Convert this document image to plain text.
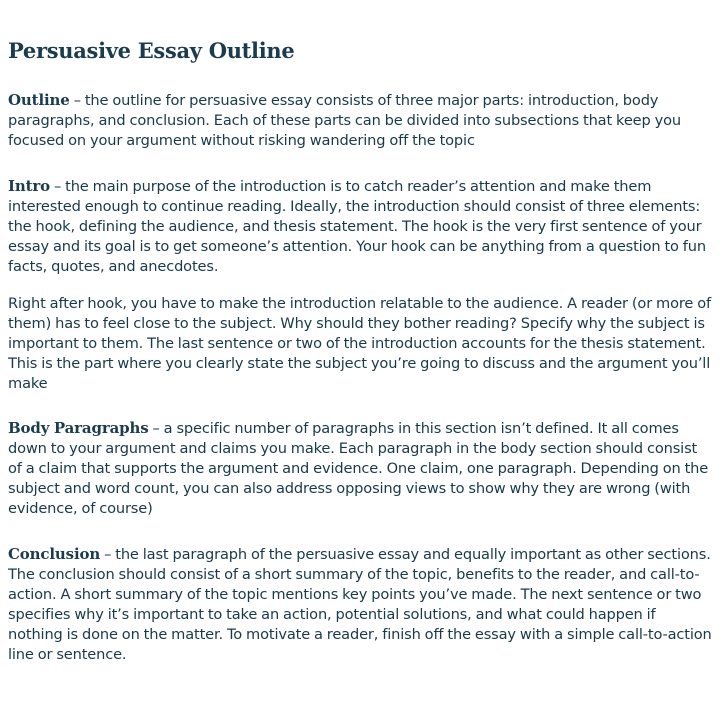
Persuasive Essay Outline

Outline – the outline for persuasive essay consists of three major parts: introduction, body paragraphs, and conclusion. Each of these parts can be divided into subsections that keep you focused on your argument without risking wandering off the topic

Intro – the main purpose of the introduction is to catch reader’s attention and make them interested enough to continue reading. Ideally, the introduction should consist of three elements: the hook, defining the audience, and thesis statement. The hook is the very first sentence of your essay and its goal is to get someone’s attention. Your hook can be anything from a question to fun facts, quotes, and anecdotes.

Right after hook, you have to make the introduction relatable to the audience. A reader (or more of them) has to feel close to the subject. Why should they bother reading? Specify why the subject is important to them. The last sentence or two of the introduction accounts for the thesis statement. This is the part where you clearly state the subject you’re going to discuss and the argument you’ll make

Body Paragraphs – a specific number of paragraphs in this section isn’t defined. It all comes down to your argument and claims you make. Each paragraph in the body section should consist of a claim that supports the argument and evidence. One claim, one paragraph. Depending on the subject and word count, you can also address opposing views to show why they are wrong (with evidence, of course)

Conclusion – the last paragraph of the persuasive essay and equally important as other sections. The conclusion should consist of a short summary of the topic, benefits to the reader, and call-to-action. A short summary of the topic mentions key points you’ve made. The next sentence or two specifies why it’s important to take an action, potential solutions, and what could happen if nothing is done on the matter. To motivate a reader, finish off the essay with a simple call-to-action line or sentence.
